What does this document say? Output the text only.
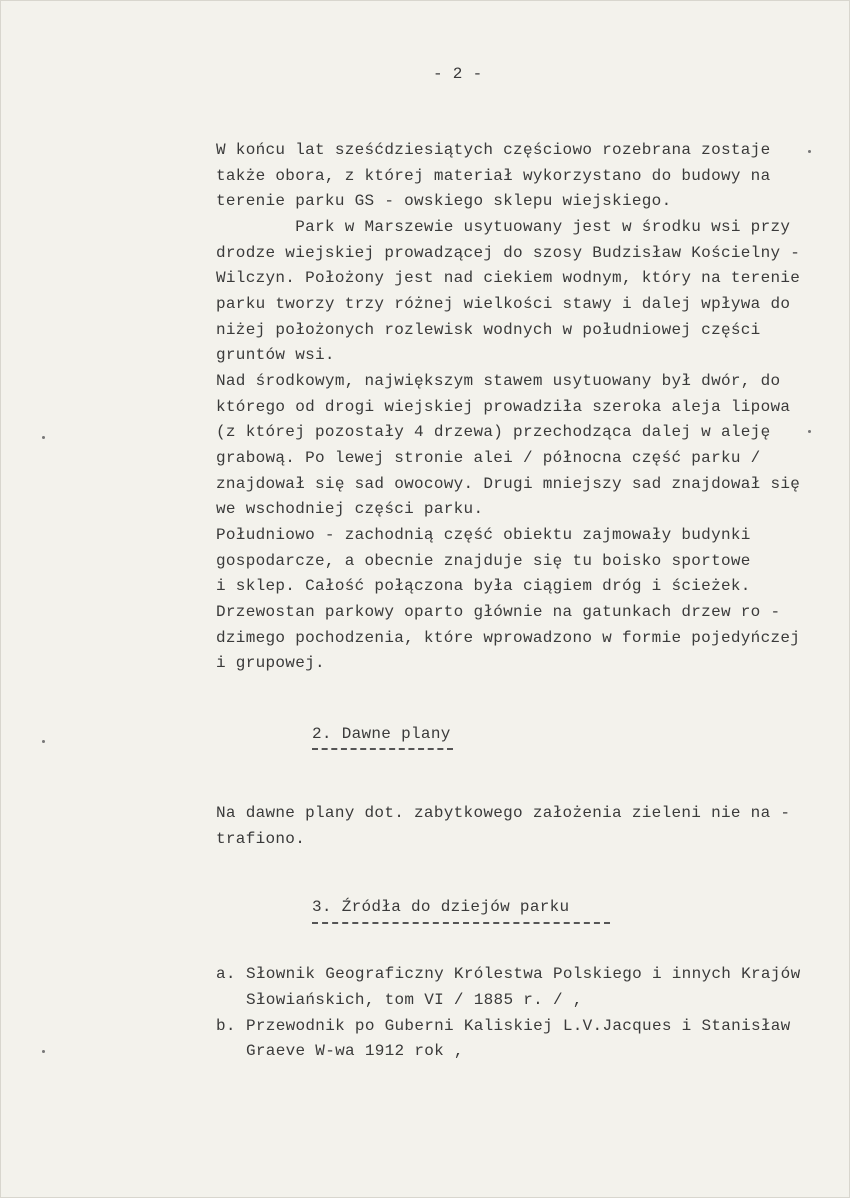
- 2 -
W końcu lat sześćdziesiątych częściowo rozebrana zostaje
także obora, z której materiał wykorzystano do budowy na
terenie parku GS - owskiego sklepu wiejskiego.
Park w Marszewie usytuowany jest w środku wsi przy
drodze wiejskiej prowadzącej do szosy Budzisław Kościelny -
Wilczyn. Położony jest nad ciekiem wodnym, który na terenie
parku tworzy trzy różnej wielkości stawy i dalej wpływa do
niżej położonych rozlewisk wodnych w południowej części
gruntów wsi.
Nad środkowym, największym stawem usytuowany był dwór, do
którego od drogi wiejskiej prowadziła szeroka aleja lipowa
(z której pozostały 4 drzewa) przechodząca dalej w aleję
grabową. Po lewej stronie alei / północna część parku /
znajdował się sad owocowy. Drugi mniejszy sad znajdował się
we wschodniej części parku.
Południowo - zachodnią część obiektu zajmowały budynki
gospodarcze, a obecnie znajduje się tu boisko sportowe
i sklep. Całość połączona była ciągiem dróg i ścieżek.
Drzewostan parkowy oparto głównie na gatunkach drzew ro -
dzimego pochodzenia, które wprowadzono w formie pojedyńczej
i grupowej.
2. Dawne plany
Na dawne plany dot. zabytkowego założenia zieleni nie na -
trafiono.
3. Źródła do dziejów parku
a. Słownik Geograficzny Królestwa Polskiego i innych Krajów
Słowiańskich, tom VI / 1885 r. / ,
b. Przewodnik po Guberni Kaliskiej L.V.Jacques i Stanisław
Graeve W-wa 1912 rok ,
